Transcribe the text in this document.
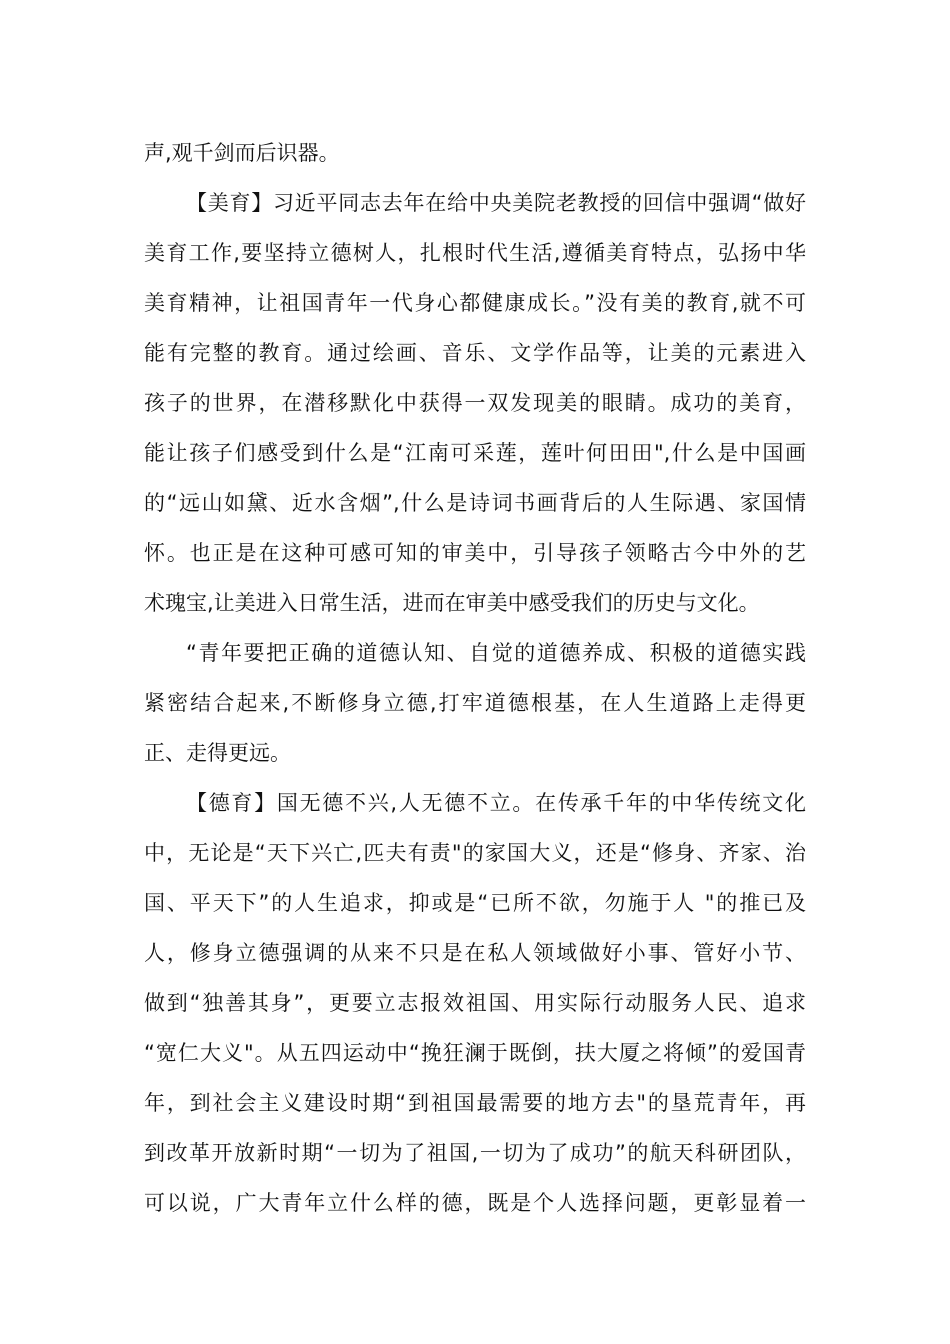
声,观千剑而后识器。
【美育】习近平同志去年在给中央美院老教授的回信中强调“做好
美育工作,要坚持立德树人，扎根时代生活,遵循美育特点，弘扬中华
美育精神，让祖国青年一代身心都健康成长。”没有美的教育,就不可
能有完整的教育。通过绘画、音乐、文学作品等，让美的元素进入
孩子的世界，在潜移默化中获得一双发现美的眼睛。成功的美育，
能让孩子们感受到什么是“江南可采莲，莲叶何田田",什么是中国画
的“远山如黛、近水含烟”,什么是诗词书画背后的人生际遇、家国情
怀。也正是在这种可感可知的审美中，引导孩子领略古今中外的艺
术瑰宝,让美进入日常生活，进而在审美中感受我们的历史与文化。
“青年要把正确的道德认知、自觉的道德养成、积极的道德实践
紧密结合起来,不断修身立德,打牢道德根基，在人生道路上走得更
正、走得更远。
【德育】国无德不兴,人无德不立。在传承千年的中华传统文化
中，无论是“天下兴亡,匹夫有责"的家国大义，还是“修身、齐家、治
国、平天下”的人生追求，抑或是“已所不欲，勿施于人 "的推已及
人，修身立德强调的从来不只是在私人领域做好小事、管好小节、
做到“独善其身”，更要立志报效祖国、用实际行动服务人民、追求
“宽仁大义"。从五四运动中“挽狂澜于既倒，扶大厦之将倾”的爱国青
年，到社会主义建设时期“到祖国最需要的地方去"的垦荒青年，再
到改革开放新时期“一切为了祖国,一切为了成功”的航天科研团队，
可以说，广大青年立什么样的德，既是个人选择问题，更彰显着一
